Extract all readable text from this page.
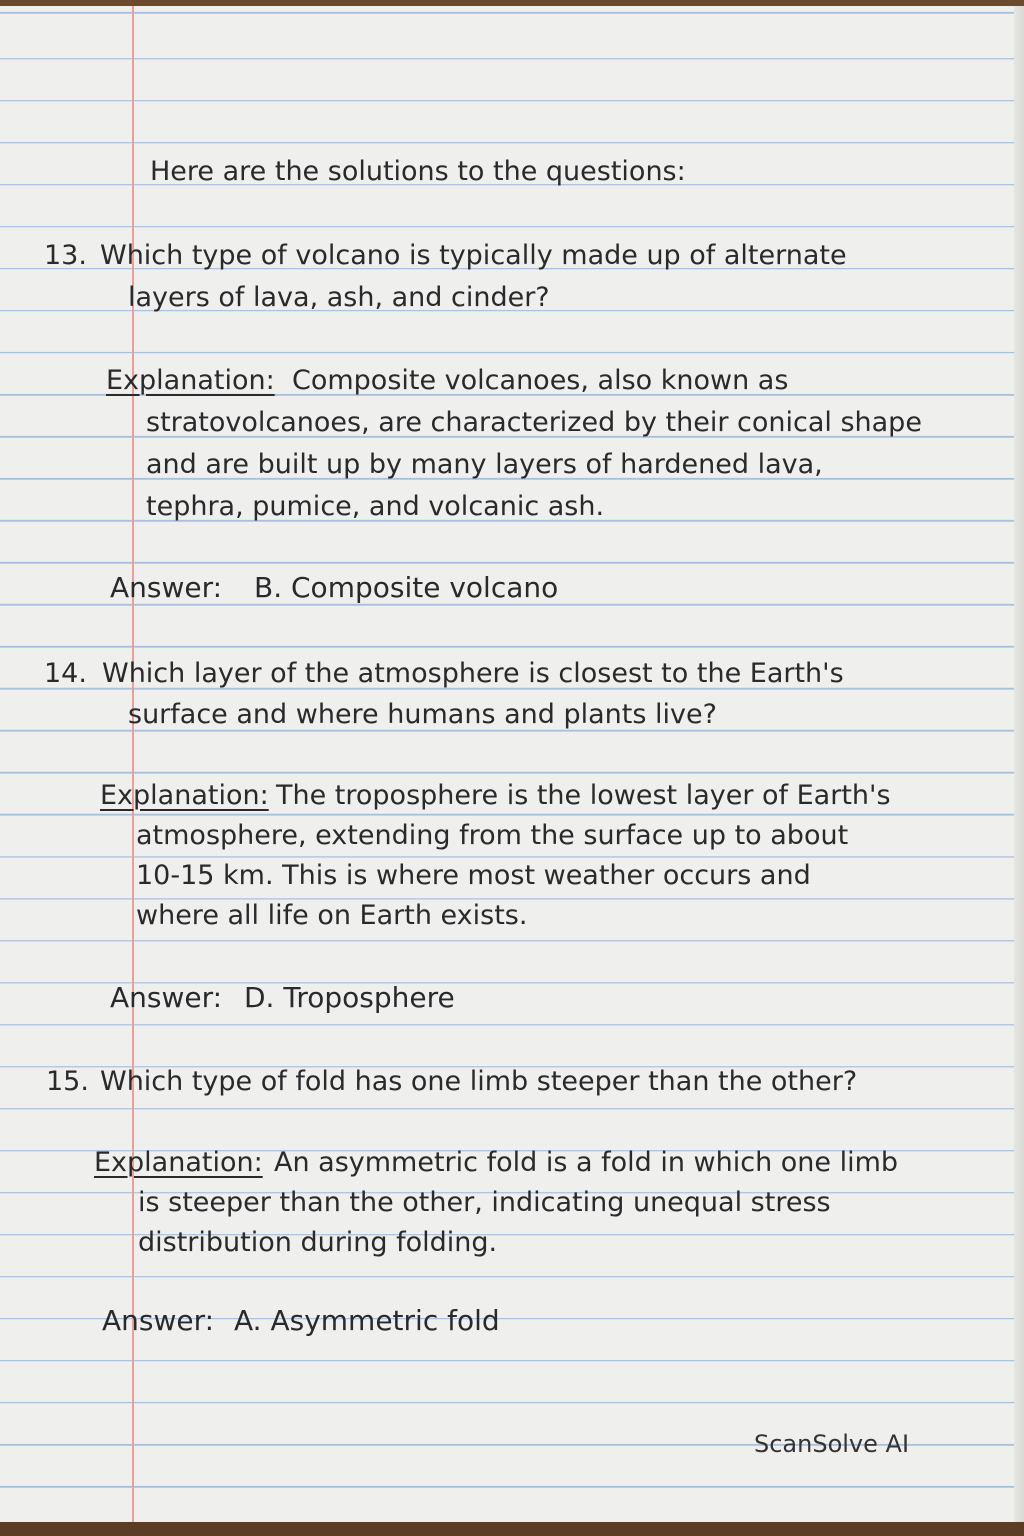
Here are the solutions to the questions:

13. Which type of volcano is typically made up of alternate

layers of lava, ash, and cinder?

Explanation: Composite volcanoes, also known as

stratovolcanoes, are characterized by their conical shape

and are built up by many layers of hardened lava,

tephra, pumice, and volcanic ash.

Answer: B. Composite volcano

14. Which layer of the atmosphere is closest to the Earth's

surface and where humans and plants live?

Explanation: The troposphere is the lowest layer of Earth's

atmosphere, extending from the surface up to about

10-15 km. This is where most weather occurs and

where all life on Earth exists.

Answer: D. Troposphere

15. Which type of fold has one limb steeper than the other?

Explanation: An asymmetric fold is a fold in which one limb

is steeper than the other, indicating unequal stress

distribution during folding.

Answer: A. Asymmetric fold

ScanSolve AI
